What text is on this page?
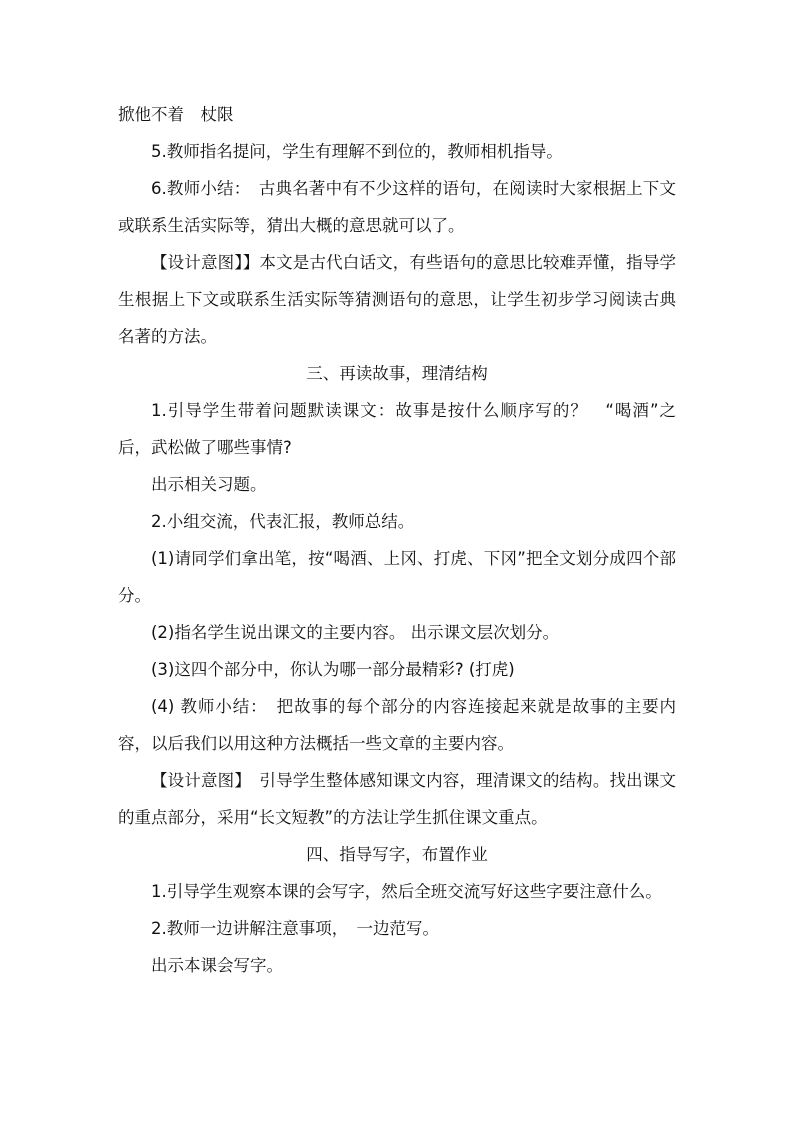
掀他不着　杖限

5.教师指名提问，学生有理解不到位的，教师相机指导。

6.教师小结：　古典名著中有不少这样的语句，在阅读时大家根据上下文或联系生活实际等，猜出大概的意思就可以了。

【设计意图】】本文是古代白话文，有些语句的意思比较难弄懂，指导学生根据上下文或联系生活实际等猜测语句的意思，让学生初步学习阅读古典名著的方法。

三、再读故事，理清结构

1.引导学生带着问题默读课文：故事是按什么顺序写的？　“喝酒”之后，武松做了哪些事情?

出示相关习题。

2.小组交流，代表汇报，教师总结。

(1)请同学们拿出笔，按“喝酒、上冈、打虎、下冈”把全文划分成四个部分。

(2)指名学生说出课文的主要内容。 出示课文层次划分。

(3)这四个部分中，你认为哪一部分最精彩? (打虎)

(4) 教师小结：　把故事的每个部分的内容连接起来就是故事的主要内容，以后我们以用这种方法概括一些文章的主要内容。

【设计意图】　引导学生整体感知课文内容，理清课文的结构。找出课文的重点部分，采用“长文短教”的方法让学生抓住课文重点。

四、指导写字，布置作业

1.引导学生观察本课的会写字，然后全班交流写好这些字要注意什么。

2.教师一边讲解注意事项，　一边范写。

出示本课会写字。
